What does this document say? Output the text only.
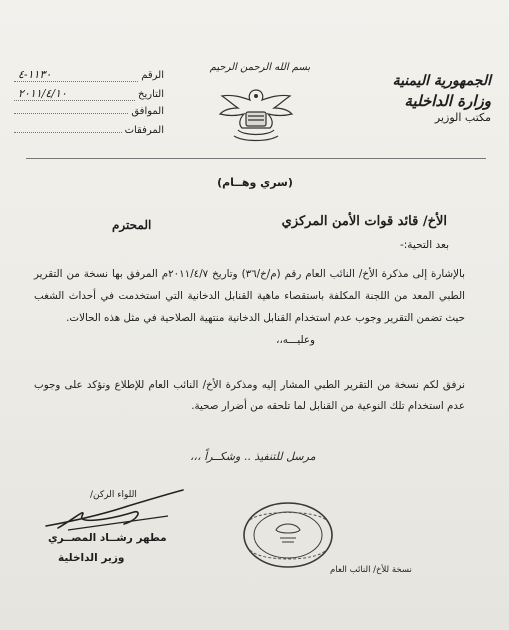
الجمهورية اليمنية
وزارة الداخلية
مكتب الوزير
بسم الله الرحمن الرحيم
الرقم
١١٣٠-٤
التاريخ
٢٠١١/٤/١٠
الموافق
المرفقات
(سري وهــام)
الأخ/ قائد قوات الأمن المركزي
المحترم
بعد التحية:-

بالإشارة إلى مذكرة الأخ/ النائب العام رقم (م/خ/٣٦) وتاريخ ٢٠١١/٤/٧م المرفق بها نسخة من التقرير الطبي المعد من اللجنة المكلفة باستقصاء ماهية القنابل الدخانية التي استخدمت في أحداث الشغب حيث تضمن التقرير وجوب عدم استخدام القنابل الدخانية منتهية الصلاحية في مثل هذه الحالات.

وعليـــه،،

نرفق لكم نسخة من التقرير الطبي المشار إليه ومذكرة الأخ/ النائب العام للإطلاع ونؤكد على وجوب عدم استخدام تلك النوعية من القنابل لما تلحقه من أضرار صحية.
مرسل للتنفيذ .. وشكــراً ،،،
اللواء الركن/
مطهر رشــاد المصــري
وزير الداخلية
نسخة للأخ/ النائب العام
